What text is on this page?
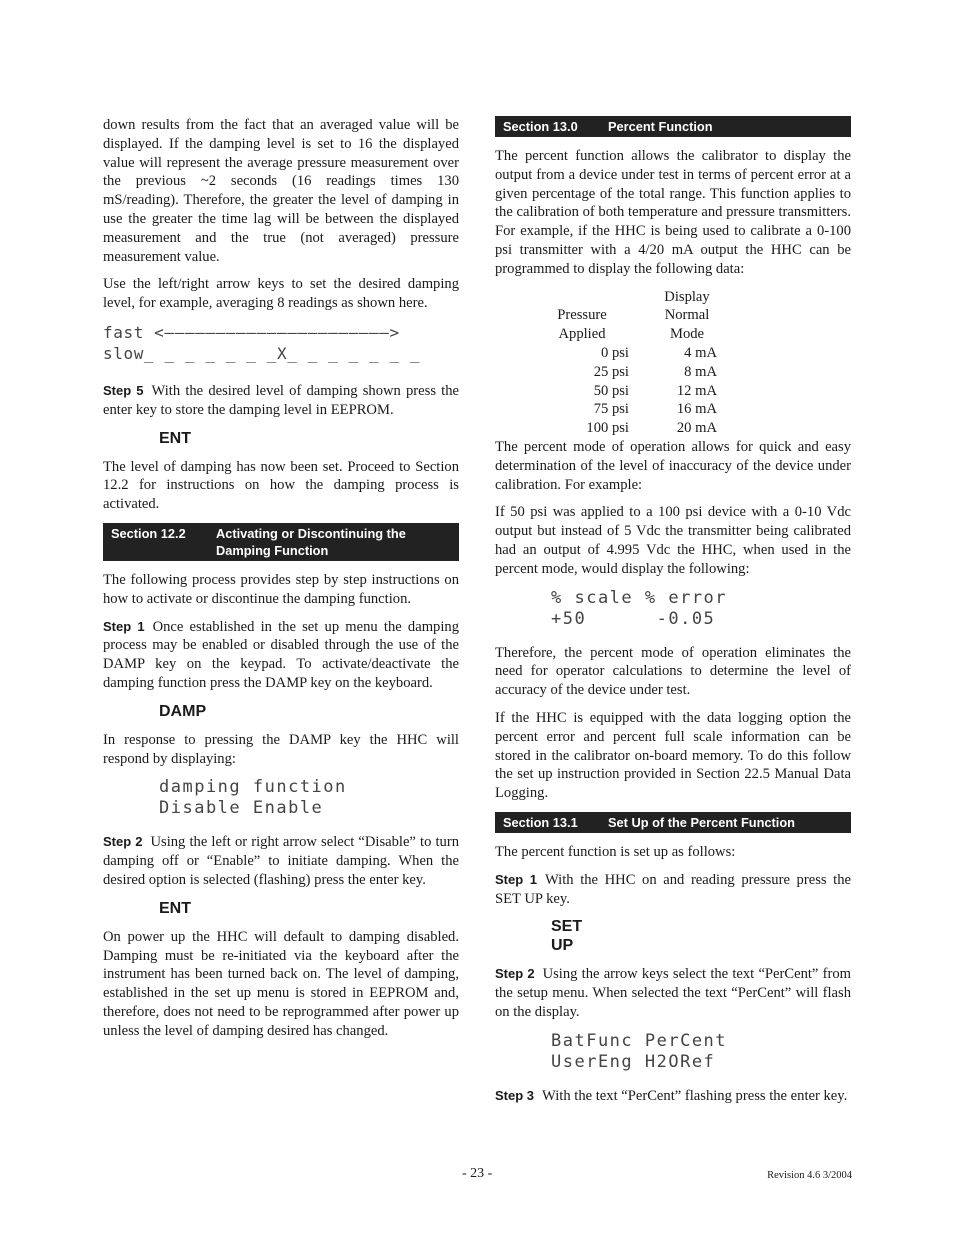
down results from the fact that an averaged value will be displayed. If the damping level is set to 16 the displayed value will represent the average pressure measurement over the previous ~2 seconds (16 readings times 130 mS/reading). Therefore, the greater the level of damping in use the greater the time lag will be between the displayed measurement and the true (not averaged) pressure measurement value.

Use the left/right arrow keys to set the desired damping level, for example, averaging 8 readings as shown here.

fast <——————————————————————>
slow_ _ _ _ _ _ _X_ _ _ _ _ _ _

Step 5 With the desired level of damping shown press the enter key to store the damping level in EEPROM.

ENT

The level of damping has now been set. Proceed to Section 12.2 for instructions on how the damping process is activated.

Section 12.2	Activating or Discontinuing the Damping Function

The following process provides step by step instructions on how to activate or discontinue the damping function.

Step 1 Once established in the set up menu the damping process may be enabled or disabled through the use of the DAMP key on the keypad. To activate/deactivate the damping function press the DAMP key on the keyboard.

DAMP

In response to pressing the DAMP key the HHC will respond by displaying:

damping function
Disable Enable

Step 2 Using the left or right arrow select “Disable” to turn damping off or “Enable” to initiate damping. When the desired option is selected (flashing) press the enter key.

ENT

On power up the HHC will default to damping disabled. Damping must be re-initiated via the keyboard after the instrument has been turned back on. The level of damping, established in the set up menu is stored in EEPROM and, therefore, does not need to be reprogrammed after power up unless the level of damping desired has changed.

Section 13.0	Percent Function

The percent function allows the calibrator to display the output from a device under test in terms of percent error at a given percentage of the total range. This function applies to the calibration of both temperature and pressure transmitters. For example, if the HHC is being used to calibrate a 0-100 psi transmitter with a 4/20 mA output the HHC can be programmed to display the following data:

	Display
Pressure	Normal
Applied	Mode
0 psi	4 mA
25 psi	8 mA
50 psi	12 mA
75 psi	16 mA
100 psi	20 mA

The percent mode of operation allows for quick and easy determination of the level of inaccuracy of the device under calibration. For example:

If 50 psi was applied to a 100 psi device with a 0-10 Vdc output but instead of 5 Vdc the transmitter being calibrated had an output of 4.995 Vdc the HHC, when used in the percent mode, would display the following:

% scale % error
+50      -0.05

Therefore, the percent mode of operation eliminates the need for operator calculations to determine the level of accuracy of the device under test.

If the HHC is equipped with the data logging option the percent error and percent full scale information can be stored in the calibrator on-board memory. To do this follow the set up instruction provided in Section 22.5 Manual Data Logging.

Section 13.1	Set Up of the Percent Function

The percent function is set up as follows:

Step 1 With the HHC on and reading pressure press the SET UP key.

SET
UP

Step 2 Using the arrow keys select the text “PerCent” from the setup menu. When selected the text “PerCent” will flash on the display.

BatFunc PerCent
UserEng H2ORef

Step 3 With the text “PerCent” flashing press the enter key.

- 23 -	Revision 4.6 3/2004
